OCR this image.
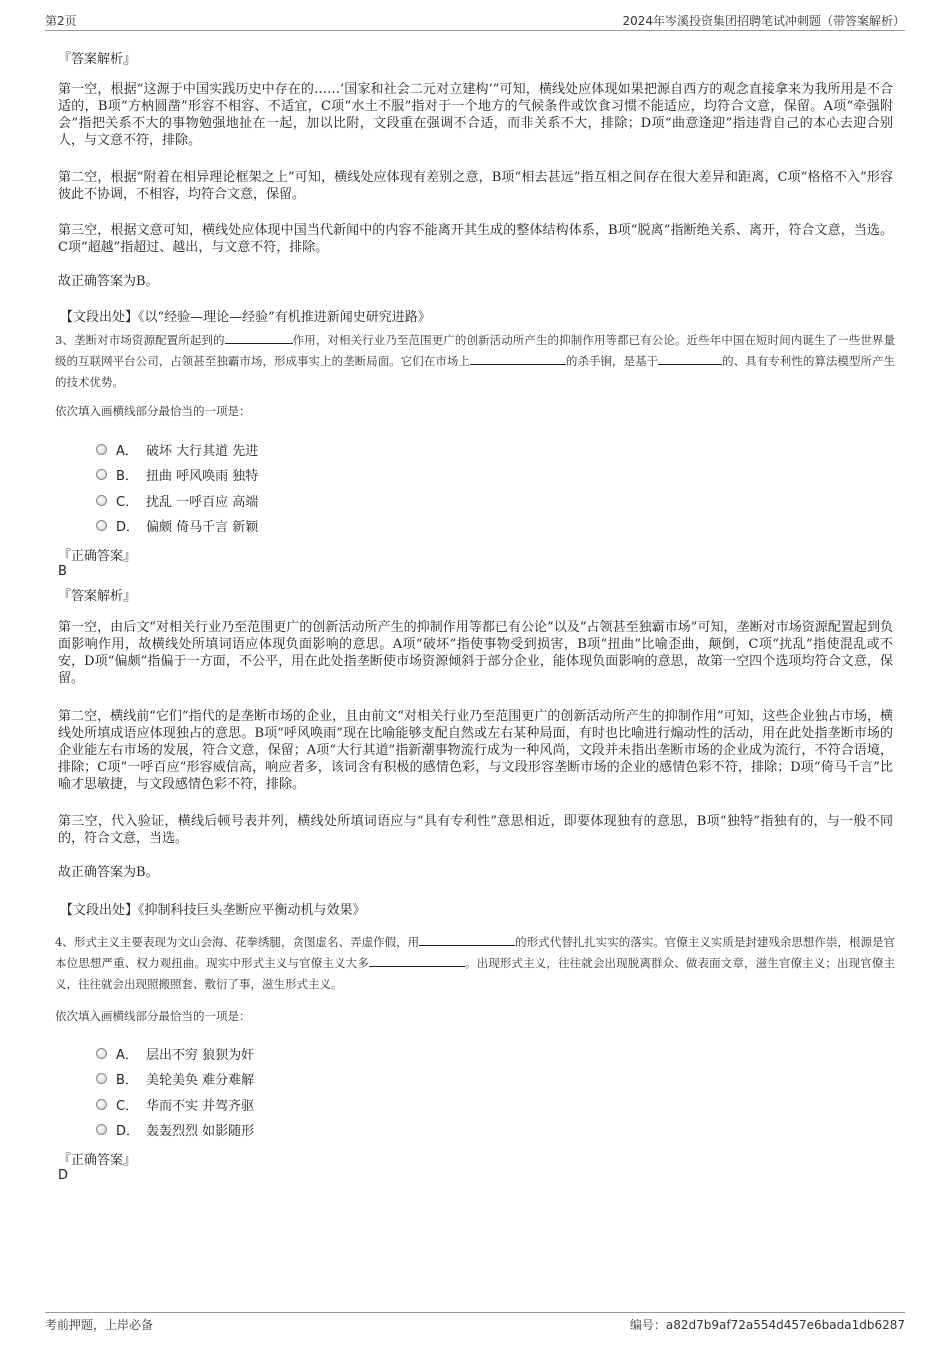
第2页	2024年岑溪投资集团招聘笔试冲刺题（带答案解析）
『答案解析』

第一空，根据“这源于中国实践历史中存在的……‘国家和社会二元对立建构’”可知，横线处应体现如果把源自西方的观念直接拿来为我所用是不合适的，B项“方枘圆凿”形容不相容、不适宜，C项“水土不服”指对于一个地方的气候条件或饮食习惯不能适应，均符合文意，保留。A项“牵强附会”指把关系不大的事物勉强地扯在一起，加以比附，文段重在强调不合适，而非关系不大，排除；D项“曲意逢迎”指违背自己的本心去迎合别人，与文意不符，排除。

第二空，根据“附着在相异理论框架之上”可知，横线处应体现有差别之意，B项“相去甚远”指互相之间存在很大差异和距离，C项“格格不入”形容彼此不协调，不相容，均符合文意，保留。

第三空，根据文意可知，横线处应体现中国当代新闻中的内容不能离开其生成的整体结构体系，B项“脱离”指断绝关系、离开，符合文意，当选。C项“超越”指超过、越出，与文意不符，排除。

故正确答案为B。

【文段出处】《以“经验—理论—经验”有机推进新闻史研究进路》

3、垄断对市场资源配置所起到的	作用，对相关行业乃至范围更广的创新活动所产生的抑制作用等都已有公论。近些年中国在短时间内诞生了一些世界量级的互联网平台公司，占领甚至独霸市场，形成事实上的垄断局面。它们在市场上	的杀手锏，是基于	的、具有专利性的算法模型所产生的技术优势。

依次填入画横线部分最恰当的一项是：
A． 破坏 大行其道 先进
B． 扭曲 呼风唤雨 独特
C． 扰乱 一呼百应 高端
D． 偏颇 倚马千言 新颖
『正确答案』
B
『答案解析』

第一空，由后文“对相关行业乃至范围更广的创新活动所产生的抑制作用等都已有公论”以及“占领甚至独霸市场”可知，垄断对市场资源配置起到负面影响作用，故横线处所填词语应体现负面影响的意思。A项“破坏”指使事物受到损害，B项“扭曲”比喻歪曲，颠倒，C项“扰乱”指使混乱或不安，D项“偏颇”指偏于一方面，不公平，用在此处指垄断使市场资源倾斜于部分企业，能体现负面影响的意思，故第一空四个选项均符合文意，保留。

第二空，横线前“它们”指代的是垄断市场的企业，且由前文“对相关行业乃至范围更广的创新活动所产生的抑制作用”可知，这些企业独占市场，横线处所填成语应体现独占的意思。B项“呼风唤雨”现在比喻能够支配自然或左右某种局面，有时也比喻进行煽动性的活动，用在此处指垄断市场的企业能左右市场的发展，符合文意，保留；A项“大行其道”指新潮事物流行成为一种风尚，文段并未指出垄断市场的企业成为流行，不符合语境，排除；C项“一呼百应”形容威信高，响应者多，该词含有积极的感情色彩，与文段形容垄断市场的企业的感情色彩不符，排除；D项“倚马千言”比喻才思敏捷，与文段感情色彩不符，排除。

第三空，代入验证，横线后顿号表并列，横线处所填词语应与“具有专利性”意思相近，即要体现独有的意思，B项“独特”指独有的，与一般不同的，符合文意，当选。

故正确答案为B。

【文段出处】《抑制科技巨头垄断应平衡动机与效果》

4、形式主义主要表现为文山会海、花拳绣腿，贪图虚名、弄虚作假，用	的形式代替扎扎实实的落实。官僚主义实质是封建残余思想作祟，根源是官本位思想严重、权力观扭曲。现实中形式主义与官僚主义大多	。出现形式主义，往往就会出现脱离群众、做表面文章，滋生官僚主义；出现官僚主义，往往就会出现照搬照套、敷衍了事，滋生形式主义。

依次填入画横线部分最恰当的一项是：
A． 层出不穷 狼狈为奸
B． 美轮美奂 难分难解
C． 华而不实 并驾齐驱
D． 轰轰烈烈 如影随形
『正确答案』
D
考前押题，上岸必备	编号：a82d7b9af72a554d457e6bada1db6287
